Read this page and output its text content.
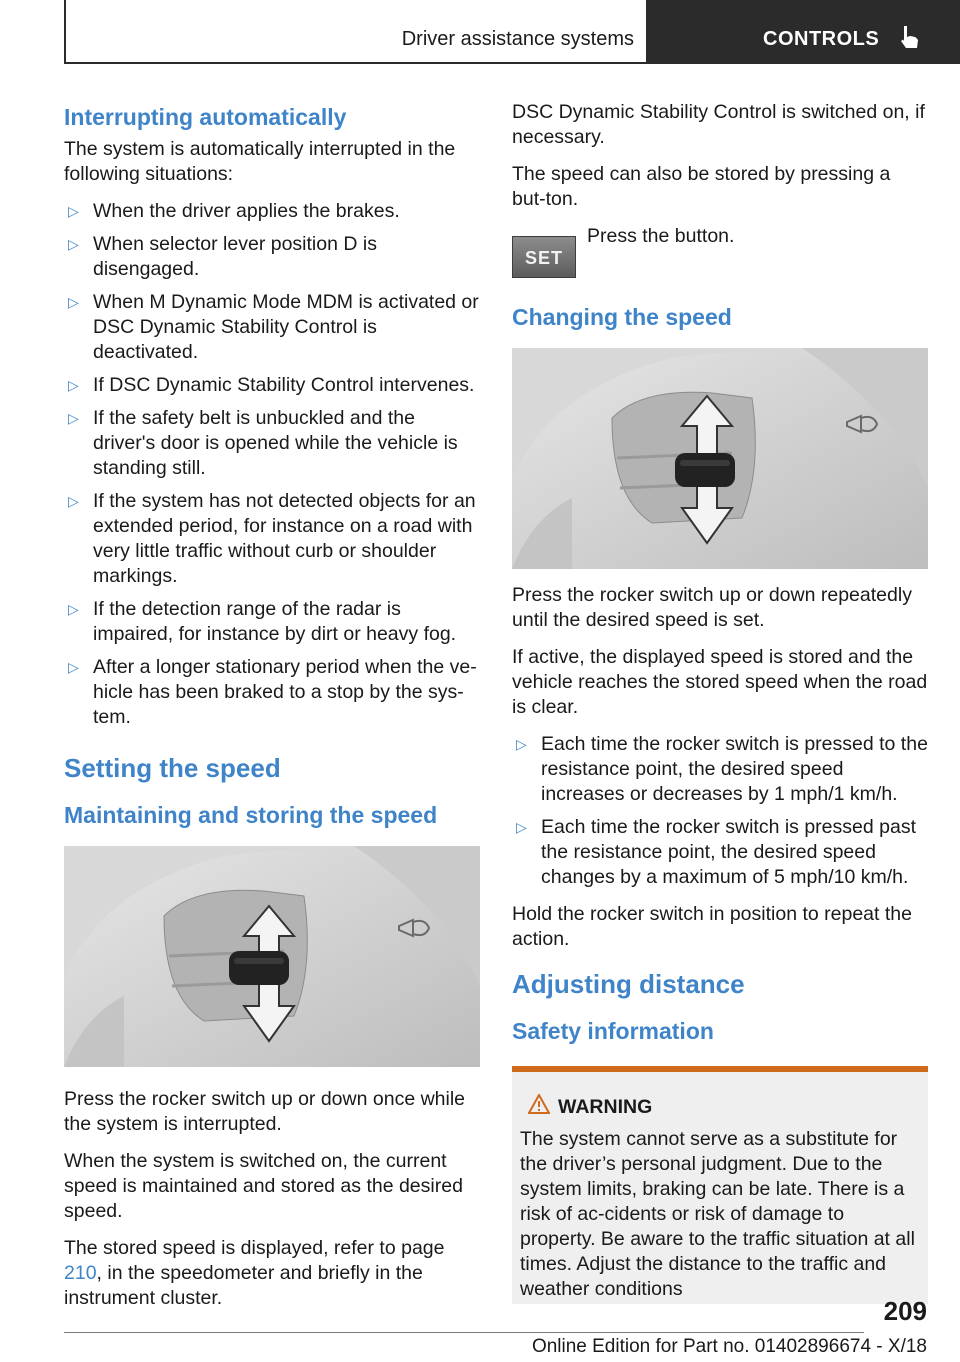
Driver assistance systems	CONTROLS
Interrupting automatically

The system is automatically interrupted in the following situations:

▷ When the driver applies the brakes.
▷ When selector lever position D is disengaged.
▷ When M Dynamic Mode MDM is activated or DSC Dynamic Stability Control is deactivated.
▷ If DSC Dynamic Stability Control intervenes.
▷ If the safety belt is unbuckled and the driver's door is opened while the vehicle is standing still.
▷ If the system has not detected objects for an extended period, for instance on a road with very little traffic without curb or shoulder markings.
▷ If the detection range of the radar is impaired, for instance by dirt or heavy fog.
▷ After a longer stationary period when the ve‐hicle has been braked to a stop by the sys‐tem.
Setting the speed
Maintaining and storing the speed

Press the rocker switch up or down once while the system is interrupted.

When the system is switched on, the current speed is maintained and stored as the desired speed.

The stored speed is displayed, refer to page 210, in the speedometer and briefly in the instrument cluster.

DSC Dynamic Stability Control is switched on, if necessary.

The speed can also be stored by pressing a but‐ton.

SET

Press the button.

Changing the speed

Press the rocker switch up or down repeatedly until the desired speed is set.

If active, the displayed speed is stored and the vehicle reaches the stored speed when the road is clear.

▷ Each time the rocker switch is pressed to the resistance point, the desired speed increases or decreases by 1 mph/1 km/h.
▷ Each time the rocker switch is pressed past the resistance point, the desired speed changes by a maximum of 5 mph/10 km/h.

Hold the rocker switch in position to repeat the action.

Adjusting distance
Safety information
WARNING

The system cannot serve as a substitute for the driver’s personal judgment. Due to the system limits, braking can be late. There is a risk of ac‐cidents or risk of damage to property. Be aware to the traffic situation at all times. Adjust the distance to the traffic and weather conditions

209
Online Edition for Part no. 01402896674 - X/18
